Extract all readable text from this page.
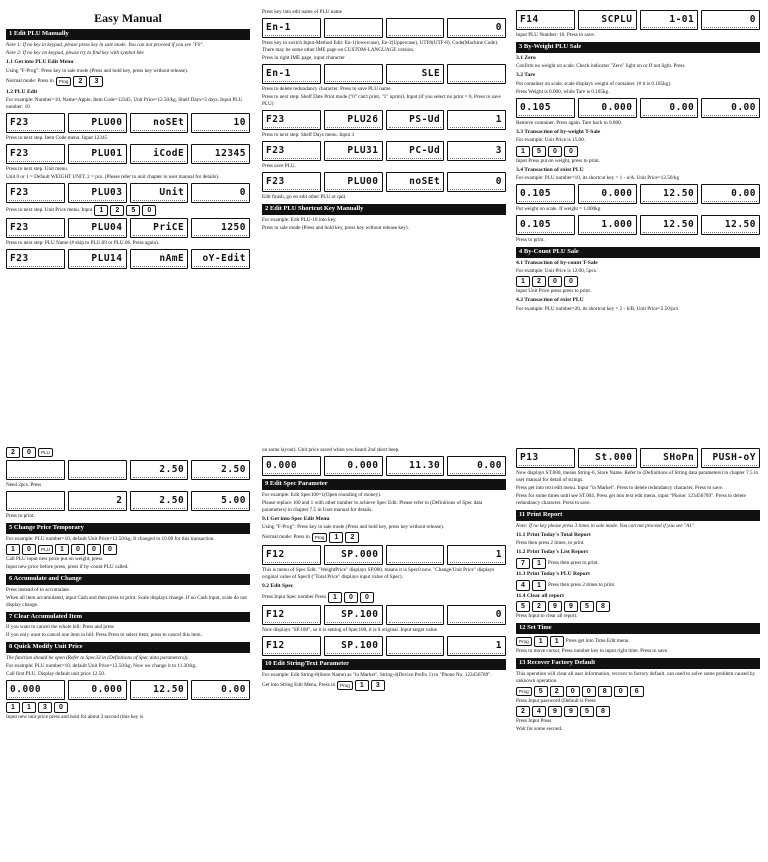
Easy Manual
1 Edit PLU Manually
Note 1: If no key in keypad, please press key in sale mode. You can not proceed if you see "F0".
Note 2: If no key on keypad, please try to find key with symbol like
1.1 Get into PLU Edit Menu
Using "F-Prog": Press key in sale mode (Press and hold key, press key without release).
Normal mode: Press in	Prog	2	3
1.2 PLU Edit
For example: Number=10, Name=Apple, Item Code=12345, Unit Price=12.50/kg, Shelf Days=3 days. Input PLU number: 10
F23	PLU00	noSEt	10
Press to next step. Item Code menu. Input 12345
F23	PLU01	iCodE	12345
Press to next step. Unit menu.
Unit 0 or 1 = Default WEIGHT UNIT, 2 = pcs. (Please refer to unit chapter in user manual for details).
F23	PLU03	Unit	0
Press to next step. Unit Price menu. Input	1	2	5	0
F23	PLU04	PriCE	1250
Press to next step: PLU Name (# skip to PLU.09 or PLU.06. Press again).
F23	PLU14	nAmE	oY-Edit
Press key into edit name of PLU name
En-1	0
Press key to switch Input-Method Edit: En-1(lowercase), En-2(Uppercase), UTF8(UTF-8), Code(Machine Code). There may be some other IME page on CUSTOM-LANGUAGE version.
Press in right IME page, input character
En-1	SLE
Press to delete redundancy character. Press to save PLU name.
Press to next step: Shelf Date Print mode ("0" can't print, "1" uprint). Input (if you select no print = 0, Press to save PLU)
F23	PLU26	PS-Ud	1
Press to next step: Shelf Days menu. Input 3
F23	PLU31	PC-Ud	3
Press save PLU.
F23	PLU00	noSEt	0
Edit finish, go on edit other PLU or quit.
2 Edit PLU Shortcut Key Manually
For example: Edit PLU-10 into key.
Press in sale mode (Press and hold key, press key without release key).
F14	SCPLU	1-01	0
Input PLU Number: 10, Press to save.
3 By-Weight PLU Sale
3.1 Zero
Confirm no weight on scale. Check indicator "Zero" light on or If not light. Press
3.2 Tare
Put container on scale, scale displays weight of container. (# it is 0.105kg).
Press Weight is 0.000, while Tare is 0.105kg.
0.105	0.000	0.00	0.00
Remove container. Press again. Tare back to 0.000.
3.3 Transaction of by-weight T-Sale
For example: Unit Price is 15.00.
1	5	0	0
Input Press put on weight, press to print.
3.4 Transaction of exist PLU
For example: PLU number=10, its shortcut key = 1 - a/A. Unit Price=12.50/kg
0.105	0.000	12.50	0.00
Put weight on scale. If weight = 1.000kg
0.105	1.000	12.50	12.50
Press to print.
4 By-Count PLU Sale
4.1 Transaction of by-count T-Sale
For example: Unit Price is 12.00, 5pcs.
1	2	0	0
Input Unit Price press press to print.
4.2 Transaction of exist PLU
For example: PLU number=20, its shortcut key = 2 - b/B, Unit Price=2.50/pcs
2	0	PLU
2.50	2.50
Need 2pcs. Press
2	2.50	5.00
Press to print.
5 Change Price Temporary
For example: PLU number=10, default Unit Price=12.50/kg. It changed to 10.00 for this transaction.
1	0	PLU	1	0	0	0
Call PLU input new price put on weight, press
Input new price before press, press if by-count PLU called.
6 Accumulate and Change
Press instead of to accumulate.
When all item accumulated, input Cash and then press to print. Scale displays change. If no Cash input, scale do not display change.
7 Clear Accumulated Item
If you want to cancel the whole bill: Press and press
If you only want to cancel one item in bill: Press Press to select item, press to cancel this item.
8 Quick Modify Unit Price
The function should be open (Refer to Spec33 in (Definitions of Spec data parameters)).
For example: PLU number=10, default Unit Price=12.50/kg. Now we change it to 11.30/kg.
Call first PLU, Display default unit price 12.50.
0.000	0.000	12.50	0.00
1	1	3	0
Input new unit price press and hold for about 3 second (this key is
on some layout). Unit price saved when you heard 2nd short beep.
0.000	0.000	11.30	0.00
9 Edit Spec Parameter
For example: Edit Spec100=1(Open rounding of money).
Please replace 100 and 1 with other number to achieve Spec Edit. Please refer to (Definitions of Spec data parameters) in chapter 7.5 in User manual for details.
9.1 Get into Spec Edit Menu
Using "F-Prog": Press key in sale mode (Press and hold key, press key without release).
Normal mode: Press in	Prog	1	2
F12	SP.000	1
This is menu of Spec Edit. "WeightPrice" displays SP.000, means it is Spec0 now. "Change/Unit Price" displays original value of Spec0 ("Total Price" displays input value of Spec).
9.2 Edit Spec
Press Input Spec number Press	1	0	0
F12	SP.100	0
Now displays "SP.100", so it is setting of Spec100, it is 0 original. Input target value
F12	SP.100	1
10 Edit String/Text Parameter
For example: Edit String-8(Store Name) as "in Market", String-4(Device Prefix 1) to "Phone No. 123456789".
Get into String Edit Menu, Press in	Prog	1	3
P13	St.000	SHoPn	PUSH-oY
Now displays ST.000, means String-0, Store Name. Refer to (Definitions of String data parameters) in chapter 7.5 in user manual for detail of strings.
Press get into text edit menu. Input "in Market". Press to delete redundancy character. Press to save.
Press for some times until see ST.004. Press get into text edit menu, input "Phone: 123456789". Press to delete redundancy character. Press to save.
11 Print Report
Note: If no key please press 3 times in sale mode. You can not proceed if you see "A1".
11.1 Print Today's Total Report
Press then press 2 times, to print.
11.2 Print Today's List Report
7	1	Press then press to print.
11.3 Print Today's PLU Report
4	1	Press then press 2 times to print.
11.4 Clear all report
5	2	9	9	5	8
Press Input to clear all report.
12 Set Time
Prog	1	1	Press get into Time Edit menu.
Press to move cursor, Press number key to input right time. Press to save.
13 Recover Factory Default
This operation will clear all user information, recover to factory default. can used to solve some problem caused by unknown operation.
Prog	5	2	0	0	8	0	6
Press Input password (Default is Press
2	4	9	9	5	8
Press Input Press
Wait for some second.
